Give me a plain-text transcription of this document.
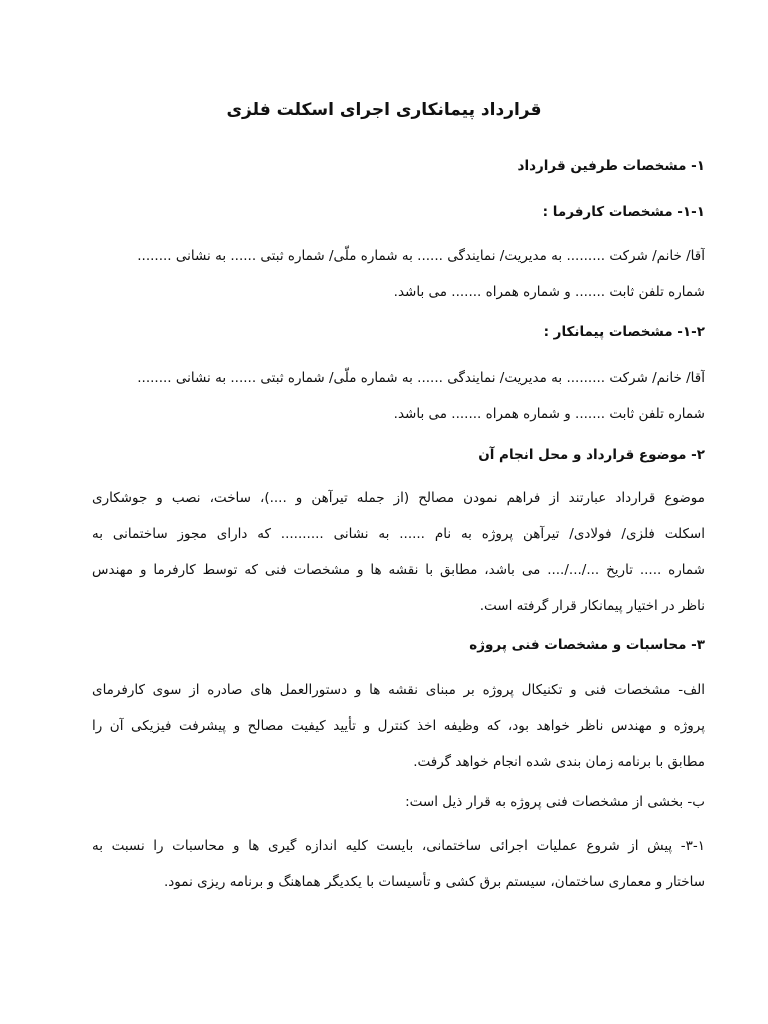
قرارداد پیمانکاری اجرای اسکلت فلزی
۱- مشخصات طرفین قرارداد
۱-۱- مشخصات کارفرما :
آقا/ خانم/ شرکت ......... به مدیریت/ نمایندگی ...... به شماره ملّی/ شماره ثبتی ...... به نشانی ........
شماره تلفن ثابت ....... و شماره همراه ....... می باشد.
۱-۲- مشخصات پیمانکار :
آقا/ خانم/ شرکت ......... به مدیریت/ نمایندگی ...... به شماره ملّی/ شماره ثبتی ...... به نشانی ........
شماره تلفن ثابت ....... و شماره همراه ....... می باشد.
۲- موضوع قرارداد و محل انجام آن
موضوع قرارداد عبارتند از فراهم نمودن مصالح (از جمله تیرآهن و ....)، ساخت، نصب و جوشکاری
اسکلت فلزی/ فولادی/ تیرآهن پروژه به نام ...... به نشانی .......... که دارای مجوز ساختمانی به
شماره ..... تاریخ .../.../.... می باشد، مطابق با نقشه ها و مشخصات فنی که توسط کارفرما و مهندس
ناظر در اختیار پیمانکار قرار گرفته است.
۳- محاسبات و مشخصات فنی پروژه
الف- مشخصات فنی و تکنیکال پروژه بر مبنای نقشه ها و دستورالعمل های صادره از سوی کارفرمای
پروژه و مهندس ناظر خواهد بود، که وظیفه اخذ کنترل و تأیید کیفیت مصالح و پیشرفت فیزیکی آن را
مطابق با برنامه زمان بندی شده انجام خواهد گرفت.
ب- بخشی از مشخصات فنی پروژه به قرار ذیل است:
۳-۱- پیش از شروع عملیات اجرائی ساختمانی، بایست کلیه اندازه گیری ها و محاسبات را نسبت به
ساختار و معماری ساختمان، سیستم برق کشی و تأسیسات با یکدیگر هماهنگ و برنامه ریزی نمود.
